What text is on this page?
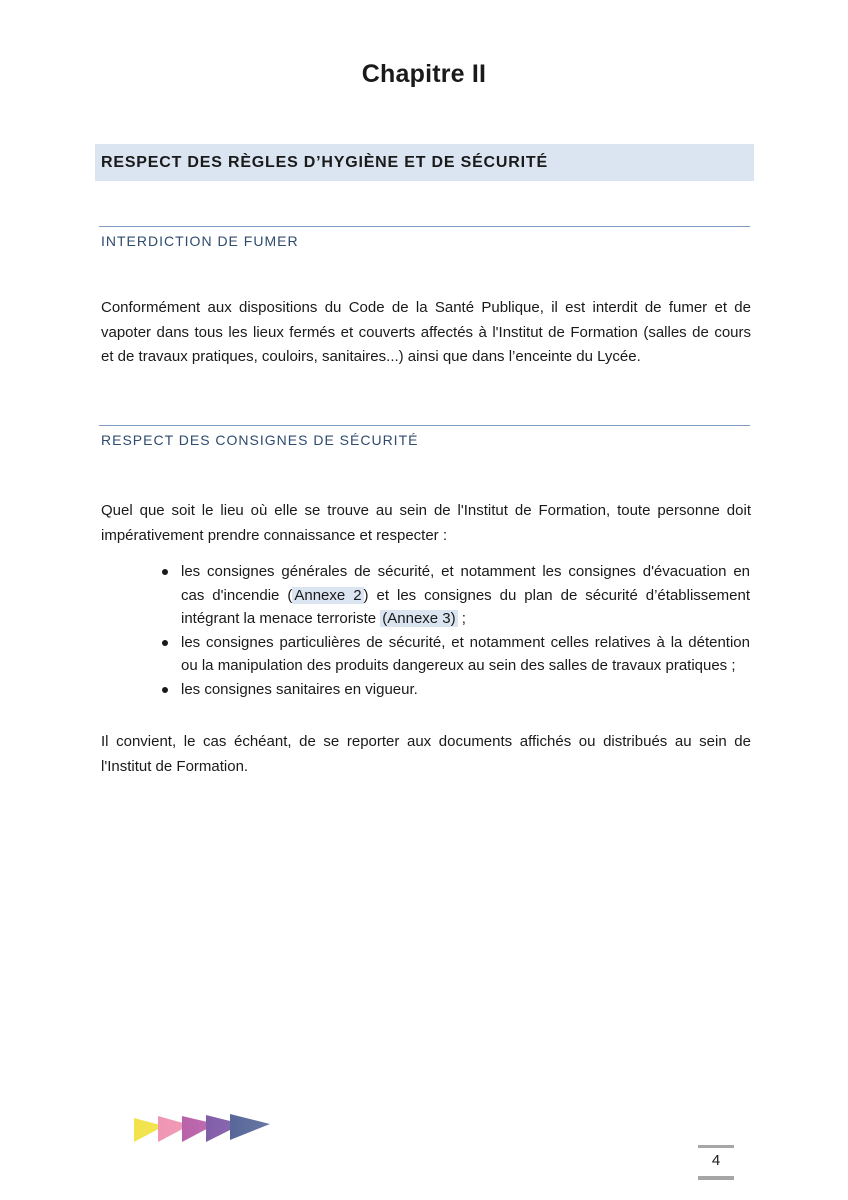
Chapitre II
RESPECT DES RÈGLES D’HYGIÈNE ET DE SÉCURITÉ
INTERDICTION DE FUMER
Conformément aux dispositions du Code de la Santé Publique, il est interdit de fumer et de
vapoter dans tous les lieux fermés et couverts affectés à l'Institut de Formation (salles de cours
et de travaux pratiques, couloirs, sanitaires...) ainsi que dans l’enceinte du Lycée.
RESPECT DES CONSIGNES DE SÉCURITÉ
Quel que soit le lieu où elle se trouve au sein de l'Institut de Formation, toute personne doit
impérativement prendre connaissance et respecter :
les consignes générales de sécurité, et notamment les consignes d'évacuation en
cas d'incendie ( Annexe 2 ) et les consignes du plan de sécurité d’établissement
intégrant la menace terroriste (Annexe 3) ;
les consignes particulières de sécurité, et notamment celles relatives à la détention
ou la manipulation des produits dangereux au sein des salles de travaux pratiques ;
les consignes sanitaires en vigueur.
Il convient, le cas échéant, de se reporter aux documents affichés ou distribués au sein de
l'Institut de Formation.
4
